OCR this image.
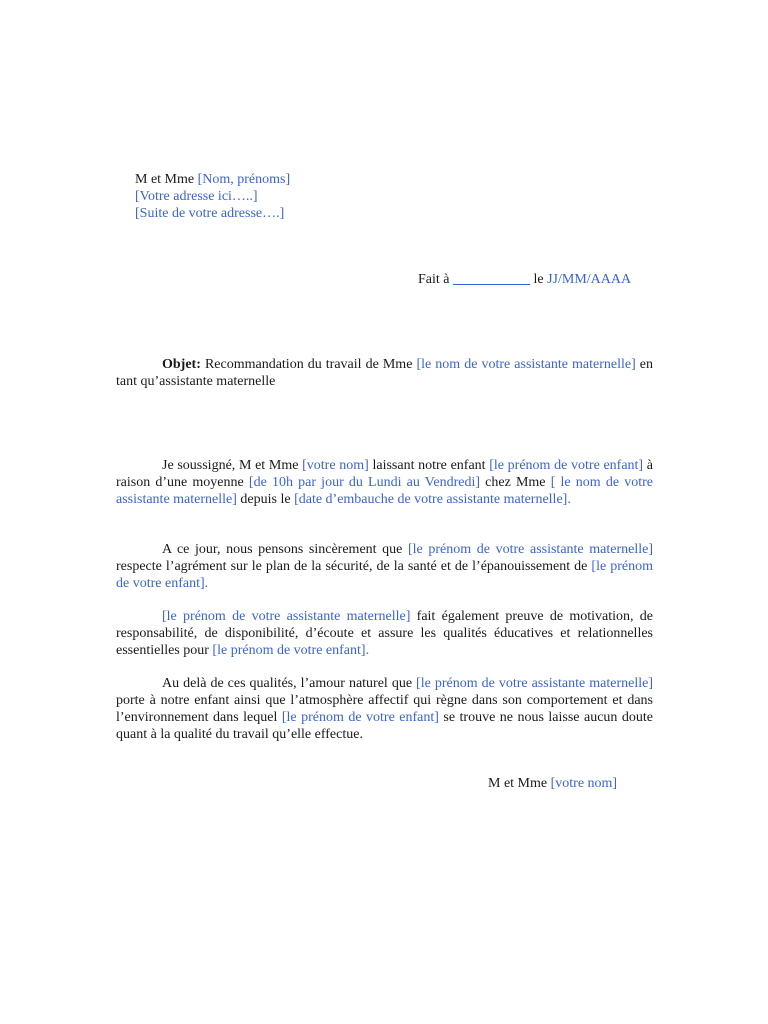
M et Mme [Nom, prénoms]
[Votre adresse ici…..]
[Suite de votre adresse….]
Fait à ___________ le JJ/MM/AAAA

Objet: Recommandation du travail de Mme [le nom de votre assistante maternelle] en tant qu’assistante maternelle

Je soussigné, M et Mme [votre nom] laissant notre enfant [le prénom de votre enfant] à raison d’une moyenne [de 10h par jour du Lundi au Vendredi] chez Mme [ le nom de votre assistante maternelle] depuis le [date d’embauche de votre assistante maternelle].

A ce jour, nous pensons sincèrement que [le prénom de votre assistante maternelle] respecte l’agrément sur le plan de la sécurité, de la santé et de l’épanouissement de [le prénom de votre enfant].

[le prénom de votre assistante maternelle] fait également preuve de motivation, de responsabilité, de disponibilité, d’écoute et assure les qualités éducatives et relationnelles essentielles pour [le prénom de votre enfant].

Au delà de ces qualités, l’amour naturel que [le prénom de votre assistante maternelle] porte à notre enfant ainsi que l’atmosphère affectif qui règne dans son comportement et dans l’environnement dans lequel [le prénom de votre enfant] se trouve ne nous laisse aucun doute quant à la qualité du travail qu’elle effectue.

M et Mme [votre nom]
